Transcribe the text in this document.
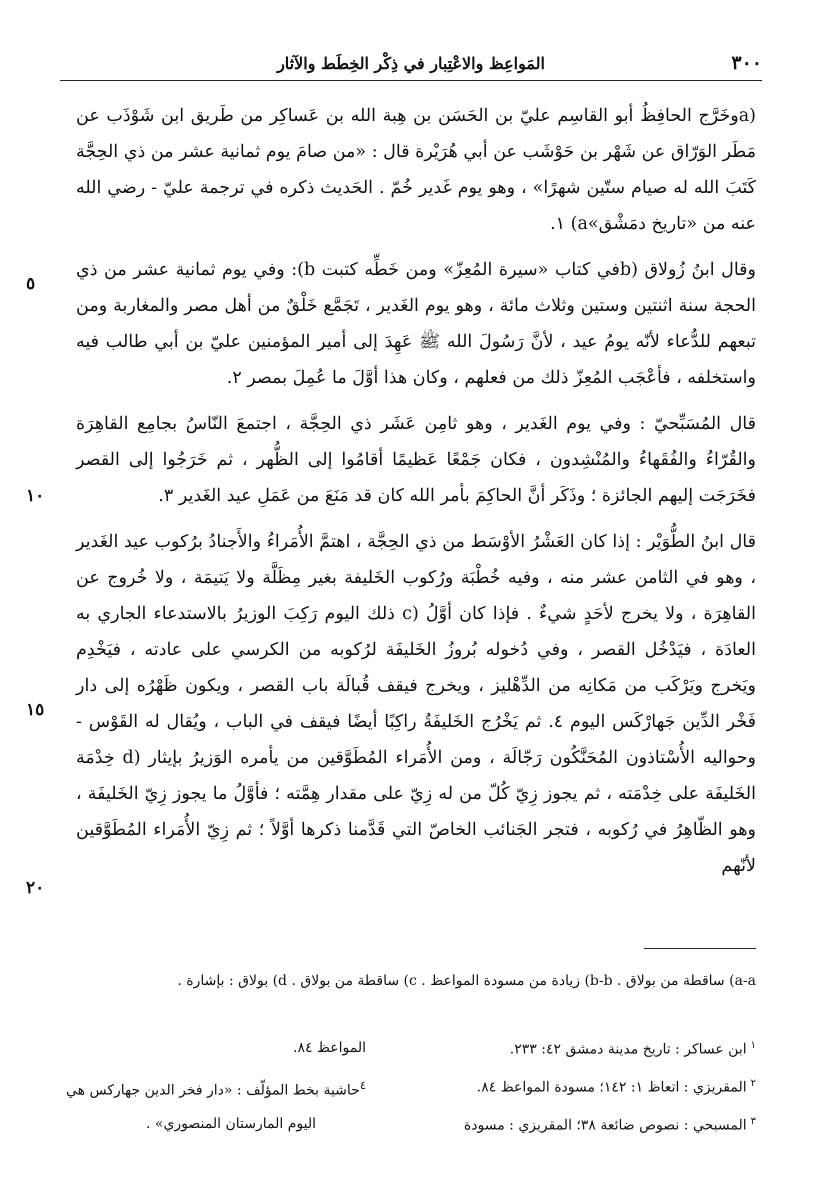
٣٠٠
المَواعِظ والاعْتِبار في ذِكْر الخِطَط والآثار

(aوخَرَّج الحافِظُ أبو القاسِم عليّ بن الحَسَن بن هِبة الله بن عَساكِر من طَريق ابن شَوْذَب عن مَطَر الوَرّاق عن شَهْر بن حَوْشَب عن أبي هُرَيْرة قال : «من صامَ يوم ثمانية عشر من ذي الحِجَّة كَتَبَ الله له صيام ستّين شهرًا» ، وهو يوم غَدير خُمّ . الحَديث ذكره في ترجمة عليّ - رضي الله عنه من «تاريخ دمَشْق»a) ١.

وقال ابنُ زُولاق (bفي كتاب «سيرة المُعِزّ» ومن خَطِّه كتبت b): وفي يوم ثمانية عشر من ذي الحجة سنة اثنتين وستين وثلاث مائة ، وهو يوم الغَدير ، تَجَمَّع خَلْقٌ من أهل مصر والمغاربة ومن تبعهم للدُّعاء لأنّه يومُ عيد ، لأنَّ رَسُولَ الله ﷺ عَهِدَ إلى أمير المؤمنين عليّ بن أبي طالب فيه واستخلفه ، فأعْجَب المُعِزّ ذلك من فعلهم ، وكان هذا أوَّلَ ما عُمِلَ بمصر ٢.

قال المُسَبِّحيّ : وفي يوم الغَدير ، وهو ثامِن عَشَر ذي الحِجَّة ، اجتمعَ النّاسُ بجامِع القاهِرَة والقُرّاءُ والفُقَهاءُ والمُنْشِدون ، فكان جَمْعًا عَظيمًا أقامُوا إلى الظُّهر ، ثم خَرَجُوا إلى القصر فخَرَجَت إليهم الجائزة ؛ وذَكَر أنَّ الحاكِمَ بأمر الله كان قد مَنَعَ من عَمَلِ عيد الغَدير ٣.

قال ابنُ الطُّوَيْر : إذا كان العَشْرُ الأوْسَط من ذي الحِجَّة ، اهتمَّ الأُمَراءُ والأَجنادُ برُكوب عيد الغَدير ، وهو في الثامن عشر منه ، وفيه خُطْبَة ورُكوب الخَليفة بغير مِظَلَّة ولا يَتيمَة ، ولا خُروج عن القاهِرَة ، ولا يخرج لأحَدٍ شيءٌ . فإذا كان أوَّلُ (c ذلك اليوم رَكِبَ الوزيرُ بالاستدعاء الجاري به العادَة ، فيَدْخُل القصر ، وفي دُخوله بُروزُ الخَليفَة لرُكوبه من الكرسي على عادته ، فيَخْدِم ويَخرج ويَرْكَب من مَكانِه من الدِّهْليز ، ويخرج فيقف قُبالَة باب القصر ، ويكون ظَهْرُه إلى دار فَخْر الدِّين جَهارْكَس اليوم ٤. ثم يَخْرُج الخَليفَةُ راكِبًا أيضًا فيقف في الباب ، ويُقال له القَوْس - وحواليه الأُسْتاذون المُحَنَّكُون رَجّالَة ، ومن الأُمَراء المُطَوَّقين من يأمره الوَزيرُ بإيثار (d خِدْمَة الخَليفَة على خِدْمَته ، ثم يجوز زِيّ كُلّ من له زِيّ على مقدار هِمَّته ؛ فأوَّلُ ما يجوز زِيّ الخَليفَة ، وهو الظّاهِرُ في رُكوبه ، فتجر الجَنائب الخاصّ التي قَدَّمنا ذكرها أوَّلاً ؛ ثم زِيّ الأُمَراء المُطَوَّقين لأنّهم

٥
١٠
١٥
٢٠
a-a) ساقطة من بولاق . b-b) زيادة من مسودة المواعظ . c) ساقطة من بولاق . d) بولاق : بإشارة .
$^١$ابن عساكر : تاريخ مدينة دمشق ٤٢: ٢٣٣.
المواعظ ٨٤.
$^٢$المقريزي : اتعاظ ١: ١٤٢؛ مسودة المواعظ ٨٤.
$^٤$حاشية بخط المؤلّف : «دار فخر الدين جهاركس هي
$^٣$المسبحي : نصوص ضائعة ٣٨؛ المقريزي : مسودة
اليوم المارستان المنصوري» .
